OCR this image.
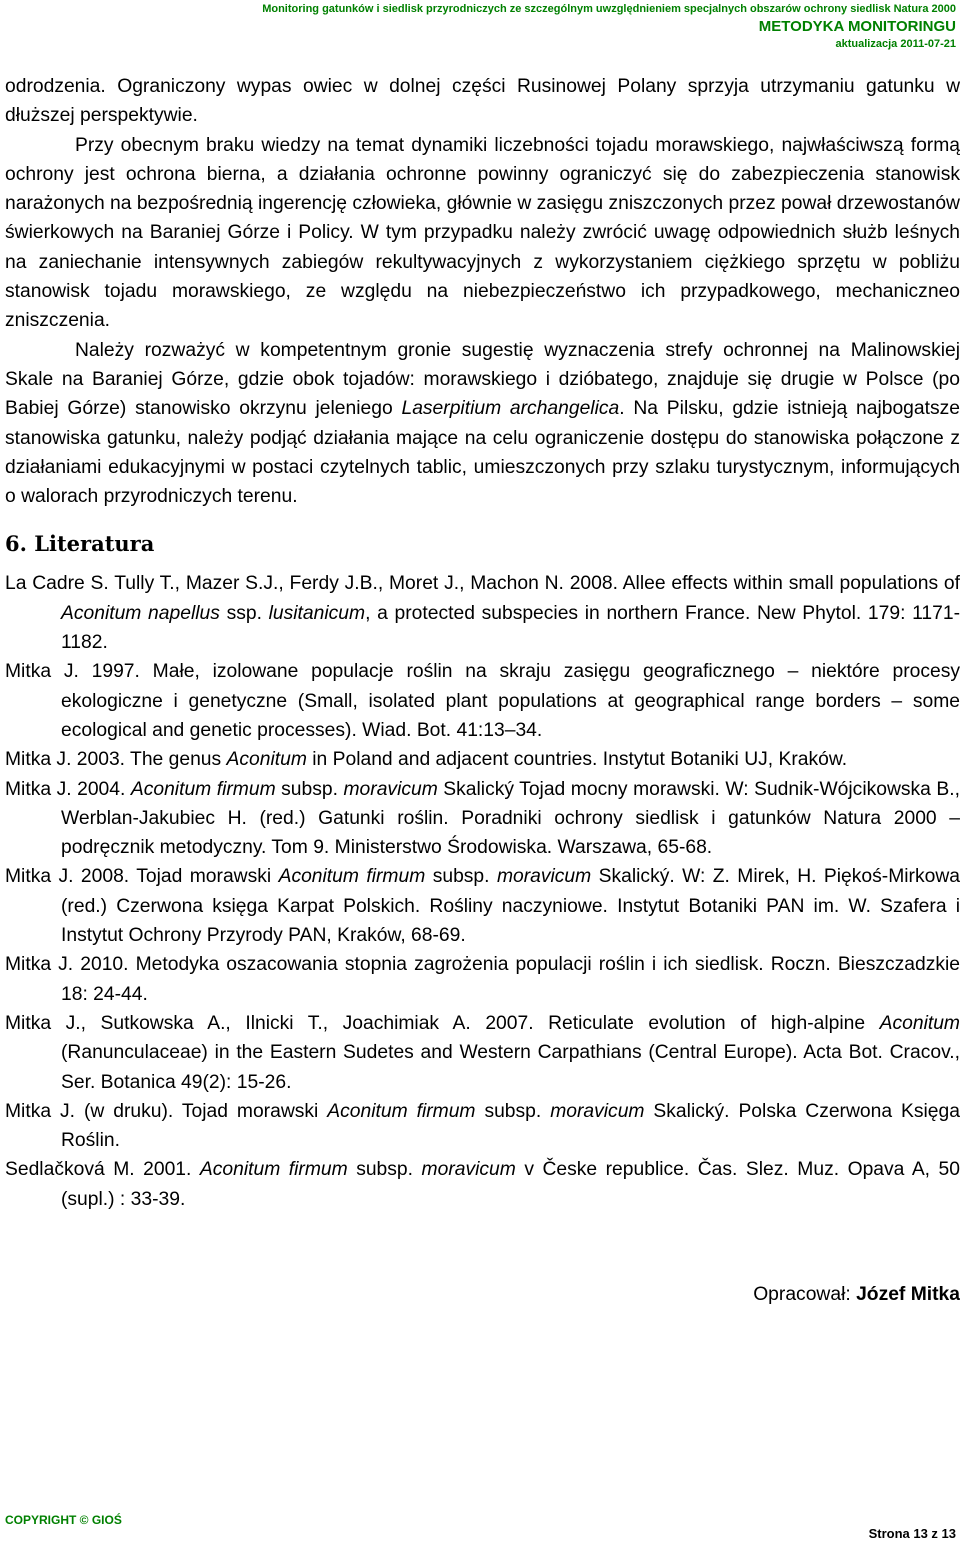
Monitoring gatunków i siedlisk przyrodniczych ze szczególnym uwzględnieniem specjalnych obszarów ochrony siedlisk Natura 2000
METODYKA MONITORINGU
aktualizacja 2011-07-21

odrodzenia. Ograniczony wypas owiec w dolnej części Rusinowej Polany sprzyja utrzymaniu gatunku w dłuższej perspektywie.

Przy obecnym braku wiedzy na temat dynamiki liczebności tojadu morawskiego, najwłaściwszą formą ochrony jest ochrona bierna, a działania ochronne powinny ograniczyć się do zabezpieczenia stanowisk narażonych na bezpośrednią ingerencję człowieka, głównie w zasięgu zniszczonych przez pował drzewostanów świerkowych na Baraniej Górze i Policy. W tym przypadku należy zwrócić uwagę odpowiednich służb leśnych na zaniechanie intensywnych zabiegów rekultywacyjnych z wykorzystaniem ciężkiego sprzętu w pobliżu stanowisk tojadu morawskiego, ze względu na niebezpieczeństwo ich przypadkowego, mechaniczneo zniszczenia.

Należy rozważyć w kompetentnym gronie sugestię wyznaczenia strefy ochronnej na Malinowskiej Skale na Baraniej Górze, gdzie obok tojadów: morawskiego i dzióbatego, znajduje się drugie w Polsce (po Babiej Górze) stanowisko okrzynu jeleniego Laserpitium archangelica. Na Pilsku, gdzie istnieją najbogatsze stanowiska gatunku, należy podjąć działania mające na celu ograniczenie dostępu do stanowiska połączone z działaniami edukacyjnymi w postaci czytelnych tablic, umieszczonych przy szlaku turystycznym, informujących o walorach przyrodniczych terenu.

6. Literatura

La Cadre S. Tully T., Mazer S.J., Ferdy J.B., Moret J., Machon N. 2008. Allee effects within small populations of Aconitum napellus ssp. lusitanicum, a protected subspecies in northern France. New Phytol. 179: 1171-1182.

Mitka J. 1997. Małe, izolowane populacje roślin na skraju zasięgu geograficznego – niektóre procesy ekologiczne i genetyczne (Small, isolated plant populations at geographical range borders – some ecological and genetic processes). Wiad. Bot. 41:13–34.

Mitka J. 2003. The genus Aconitum in Poland and adjacent countries. Instytut Botaniki UJ, Kraków.

Mitka J. 2004. Aconitum firmum subsp. moravicum Skalický Tojad mocny morawski. W: Sudnik-Wójcikowska B., Werblan-Jakubiec H. (red.) Gatunki roślin. Poradniki ochrony siedlisk i gatunków Natura 2000 – podręcznik metodyczny. Tom 9. Ministerstwo Środowiska. Warszawa, 65-68.

Mitka J. 2008. Tojad morawski Aconitum firmum subsp. moravicum Skalický. W: Z. Mirek, H. Piękoś-Mirkowa (red.) Czerwona księga Karpat Polskich. Rośliny naczyniowe. Instytut Botaniki PAN im. W. Szafera i Instytut Ochrony Przyrody PAN, Kraków, 68-69.

Mitka J. 2010. Metodyka oszacowania stopnia zagrożenia populacji roślin i ich siedlisk. Roczn. Bieszczadzkie 18: 24-44.

Mitka J., Sutkowska A., Ilnicki T., Joachimiak A. 2007. Reticulate evolution of high-alpine Aconitum (Ranunculaceae) in the Eastern Sudetes and Western Carpathians (Central Europe). Acta Bot. Cracov., Ser. Botanica 49(2): 15-26.

Mitka J. (w druku). Tojad morawski Aconitum firmum subsp. moravicum Skalický. Polska Czerwona Księga Roślin.

Sedlačková M. 2001. Aconitum firmum subsp. moravicum v Česke republice. Čas. Slez. Muz. Opava A, 50 (supl.) : 33-39.

Opracował: Józef Mitka

COPYRIGHT © GIOŚ
Strona 13 z 13
